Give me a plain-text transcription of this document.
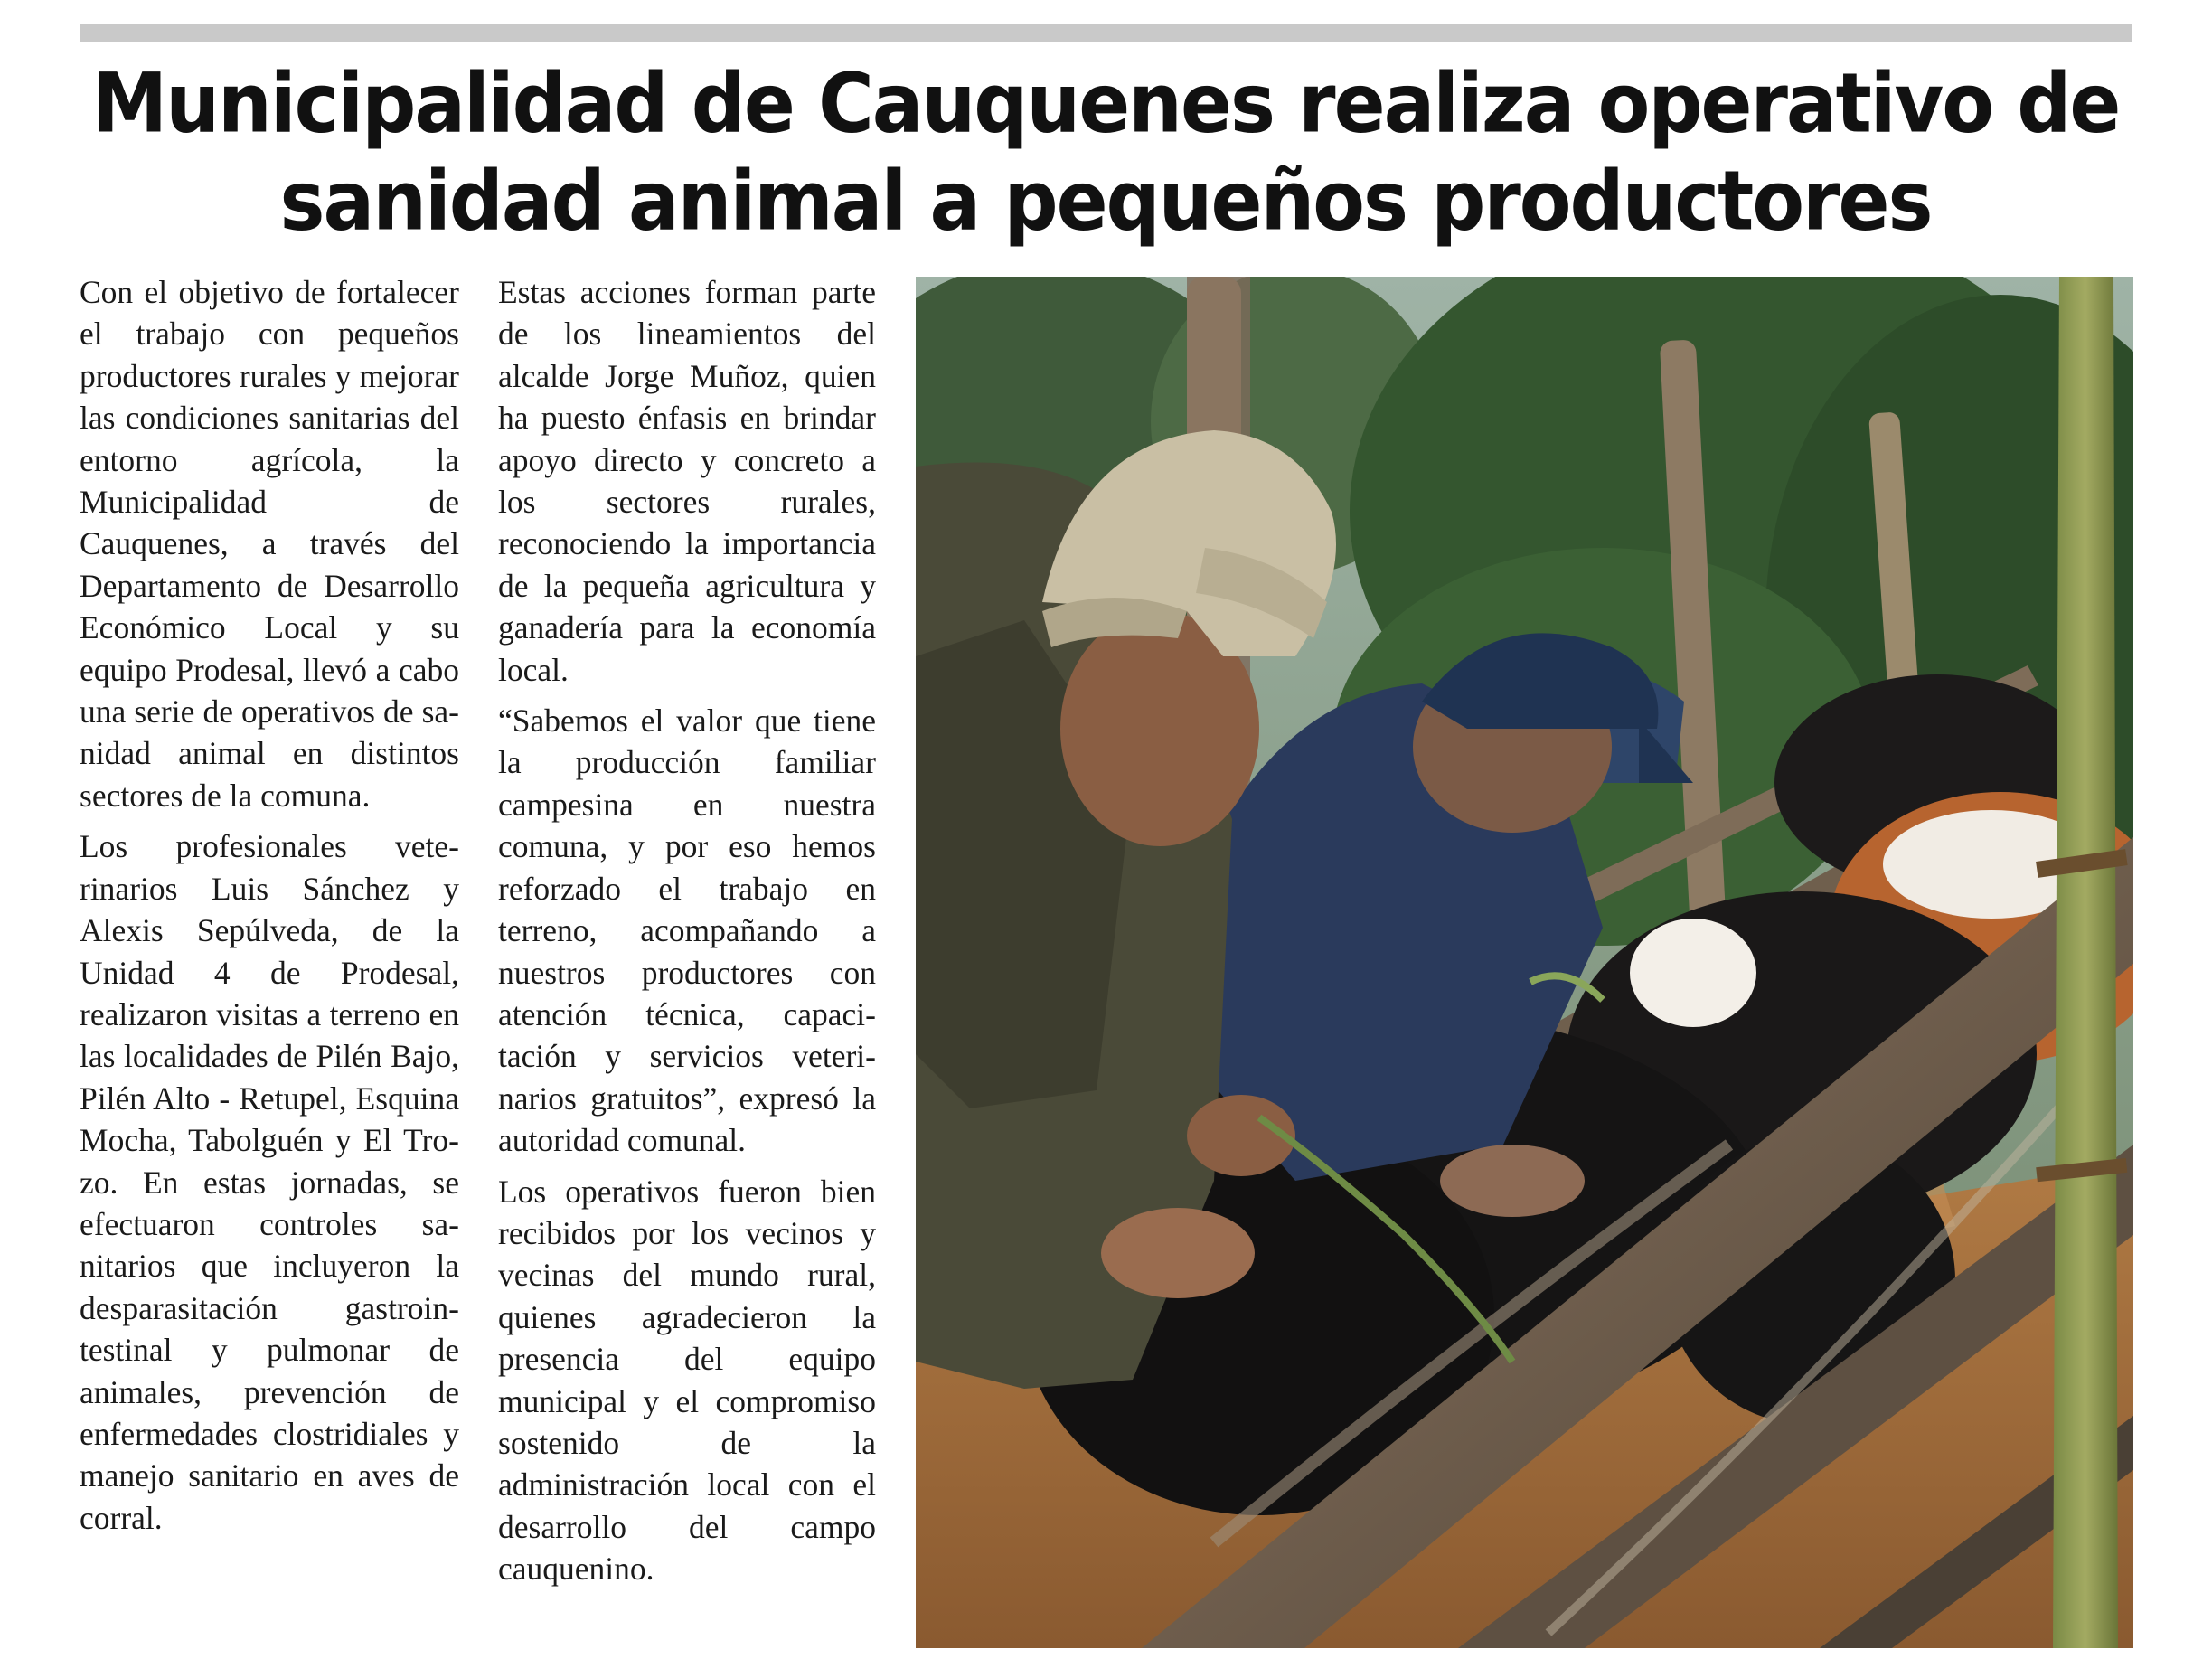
Municipalidad de Cauquenes realiza operativo de
sanidad animal a pequeños productores

Con el objetivo de fortalecer el trabajo con pequeños productores rurales y mejorar las condiciones sanitarias del entorno agrícola, la Municipalidad de Cauquenes, a través del Departamento de Desarrollo Económico Local y su equipo Prodesal, llevó a cabo una serie de operativos de sanidad animal en distintos sectores de la comuna.

Los profesionales veterinarios Luis Sánchez y Alexis Sepúlveda, de la Unidad 4 de Prodesal, realizaron visitas a terreno en las localidades de Pilén Bajo, Pilén Alto - Retupel, Esquina Mocha, Tabolguén y El Trozo. En estas jornadas, se efectuaron controles sanitarios que incluyeron la desparasitación gastrointestinal y pulmonar de animales, prevención de enfermedades clostridiales y manejo sanitario en aves de corral.

Estas acciones forman parte de los lineamientos del alcalde Jorge Muñoz, quien ha puesto énfasis en brindar apoyo directo y concreto a los sectores rurales, reconociendo la importancia de la pequeña agricultura y ganadería para la economía local.

“Sabemos el valor que tiene la producción familiar campesina en nuestra comuna, y por eso hemos reforzado el trabajo en terreno, acompañando a nuestros productores con atención técnica, capacitación y servicios veterinarios gratuitos”, expresó la autoridad comunal.

Los operativos fueron bien recibidos por los vecinos y vecinas del mundo rural, quienes agradecieron la presencia del equipo municipal y el compromiso sostenido de la administración local con el desarrollo del campo cauquenino.
